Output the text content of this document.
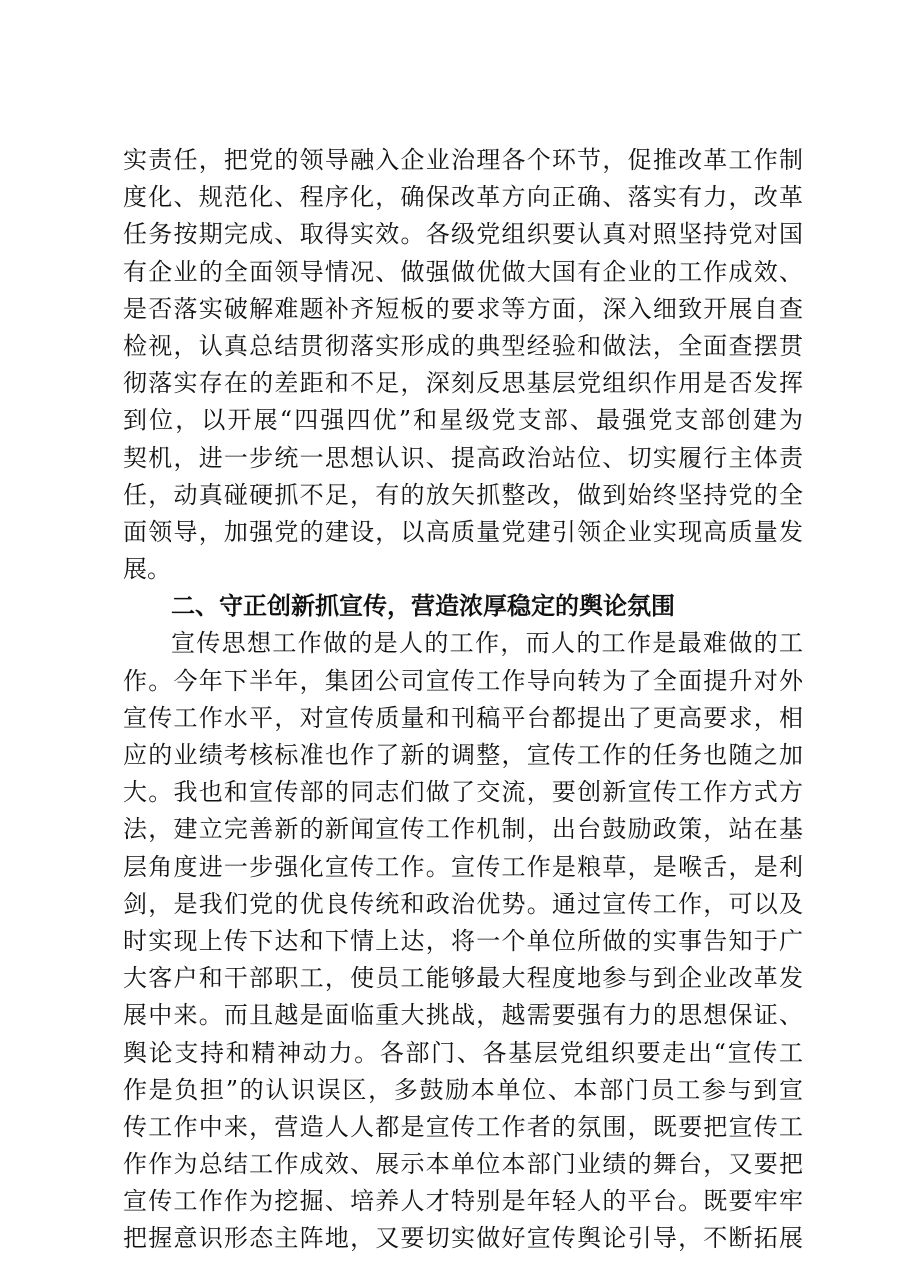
实责任，把党的领导融入企业治理各个环节，促推改革工作制
度化、规范化、程序化，确保改革方向正确、落实有力，改革
任务按期完成、取得实效。各级党组织要认真对照坚持党对国
有企业的全面领导情况、做强做优做大国有企业的工作成效、
是否落实破解难题补齐短板的要求等方面，深入细致开展自查
检视，认真总结贯彻落实形成的典型经验和做法，全面查摆贯
彻落实存在的差距和不足，深刻反思基层党组织作用是否发挥
到位，以开展“四强四优”和星级党支部、最强党支部创建为
契机，进一步统一思想认识、提高政治站位、切实履行主体责
任，动真碰硬抓不足，有的放矢抓整改，做到始终坚持党的全
面领导，加强党的建设，以高质量党建引领企业实现高质量发
展。
二、守正创新抓宣传，营造浓厚稳定的舆论氛围
宣传思想工作做的是人的工作，而人的工作是最难做的工
作。今年下半年，集团公司宣传工作导向转为了全面提升对外
宣传工作水平，对宣传质量和刊稿平台都提出了更高要求，相
应的业绩考核标准也作了新的调整，宣传工作的任务也随之加
大。我也和宣传部的同志们做了交流，要创新宣传工作方式方
法，建立完善新的新闻宣传工作机制，出台鼓励政策，站在基
层角度进一步强化宣传工作。宣传工作是粮草，是喉舌，是利
剑，是我们党的优良传统和政治优势。通过宣传工作，可以及
时实现上传下达和下情上达，将一个单位所做的实事告知于广
大客户和干部职工，使员工能够最大程度地参与到企业改革发
展中来。而且越是面临重大挑战，越需要强有力的思想保证、
舆论支持和精神动力。各部门、各基层党组织要走出“宣传工
作是负担”的认识误区，多鼓励本单位、本部门员工参与到宣
传工作中来，营造人人都是宣传工作者的氛围，既要把宣传工
作作为总结工作成效、展示本单位本部门业绩的舞台，又要把
宣传工作作为挖掘、培养人才特别是年轻人的平台。既要牢牢
把握意识形态主阵地，又要切实做好宣传舆论引导，不断拓展
